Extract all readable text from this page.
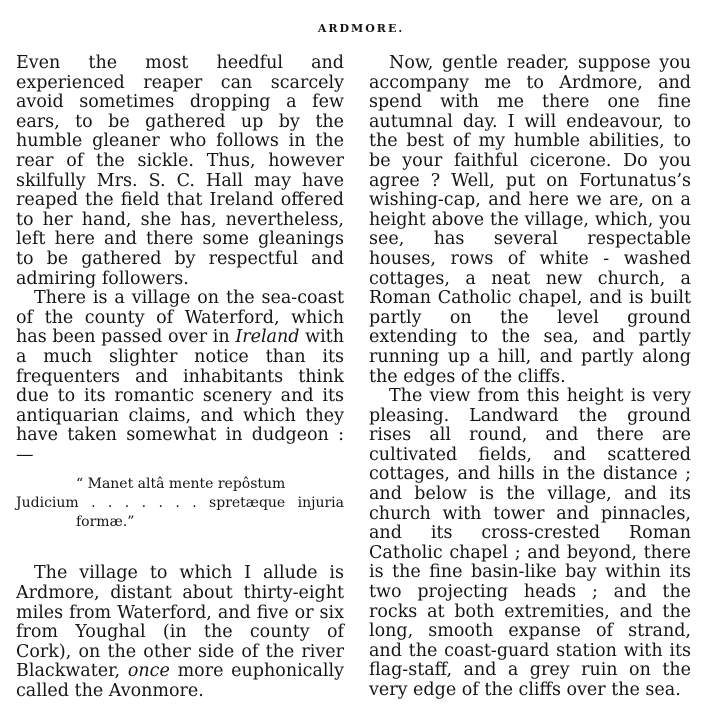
ARDMORE.

Even the most heedful and experienced reaper can scarcely avoid sometimes dropping a few ears, to be gathered up by the humble gleaner who follows in the rear of the sickle. Thus, however skilfully Mrs. S. C. Hall may have reaped the field that Ireland offered to her hand, she has, nevertheless, left here and there some gleanings to be gathered by respectful and admiring followers.

There is a village on the sea-coast of the county of Waterford, which has been passed over in Ireland with a much slighter notice than its frequenters and inhabitants think due to its romantic scenery and its antiquarian claims, and which they have taken somewhat in dudgeon : —

“ Manet altâ mente repôstum
Judicium . . . . . . . spretæque injuria
formæ.”

The village to which I allude is Ardmore, distant about thirty-eight miles from Waterford, and five or six from Youghal (in the county of Cork), on the other side of the river Blackwater, once more euphonically called the Avonmore.

Now, gentle reader, suppose you accompany me to Ardmore, and spend with me there one fine autumnal day. I will endeavour, to the best of my humble abilities, to be your faithful cicerone. Do you agree ? Well, put on Fortunatus’s wishing-cap, and here we are, on a height above the village, which, you see, has several respectable houses, rows of white - washed cottages, a neat new church, a Roman Catholic chapel, and is built partly on the level ground extending to the sea, and partly running up a hill, and partly along the edges of the cliffs.

The view from this height is very pleasing. Landward the ground rises all round, and there are cultivated fields, and scattered cottages, and hills in the distance ; and below is the village, and its church with tower and pinnacles, and its cross-crested Roman Catholic chapel ; and beyond, there is the fine basin-like bay within its two projecting heads ; and the rocks at both extremities, and the long, smooth expanse of strand, and the coast-guard station with its flag-staff, and a grey ruin on the very edge of the cliffs over the sea.
